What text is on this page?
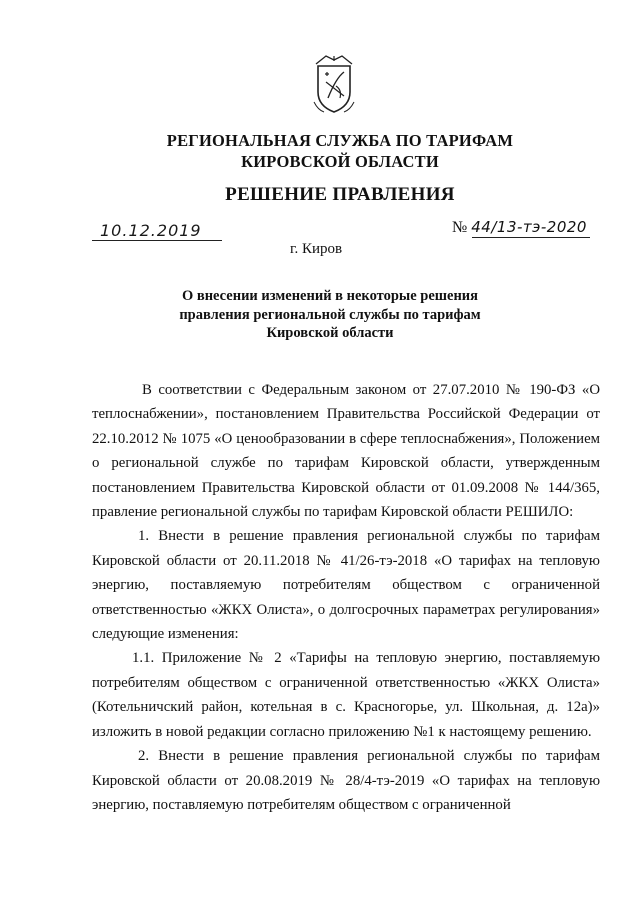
РЕГИОНАЛЬНАЯ СЛУЖБА ПО ТАРИФАМ
КИРОВСКОЙ ОБЛАСТИ
РЕШЕНИЕ ПРАВЛЕНИЯ
10.12.2019	№ 44/13-тэ-2020
г. Киров
О внесении изменений в некоторые решения
правления региональной службы по тарифам
Кировской области

В соответствии с Федеральным законом от 27.07.2010 № 190-ФЗ «О теплоснабжении», постановлением Правительства Российской Федерации от 22.10.2012 № 1075 «О ценообразовании в сфере теплоснабжения», Положением о региональной службе по тарифам Кировской области, утвержденным постановлением Правительства Кировской области от 01.09.2008 № 144/365, правление региональной службы по тарифам Кировской области РЕШИЛО:

1. Внести в решение правления региональной службы по тарифам Кировской области от 20.11.2018 № 41/26-тэ-2018 «О тарифах на тепловую энергию, поставляемую потребителям обществом с ограниченной ответственностью «ЖКХ Олиста», о долгосрочных параметрах регулирования» следующие изменения:

1.1. Приложение № 2 «Тарифы на тепловую энергию, поставляемую потребителям обществом с ограниченной ответственностью «ЖКХ Олиста» (Котельничский район, котельная в с. Красногорье, ул. Школьная, д. 12а)» изложить в новой редакции согласно приложению №1 к настоящему решению.

2. Внести в решение правления региональной службы по тарифам Кировской области от 20.08.2019 № 28/4-тэ-2019 «О тарифах на тепловую энергию, поставляемую потребителям обществом с ограниченной
